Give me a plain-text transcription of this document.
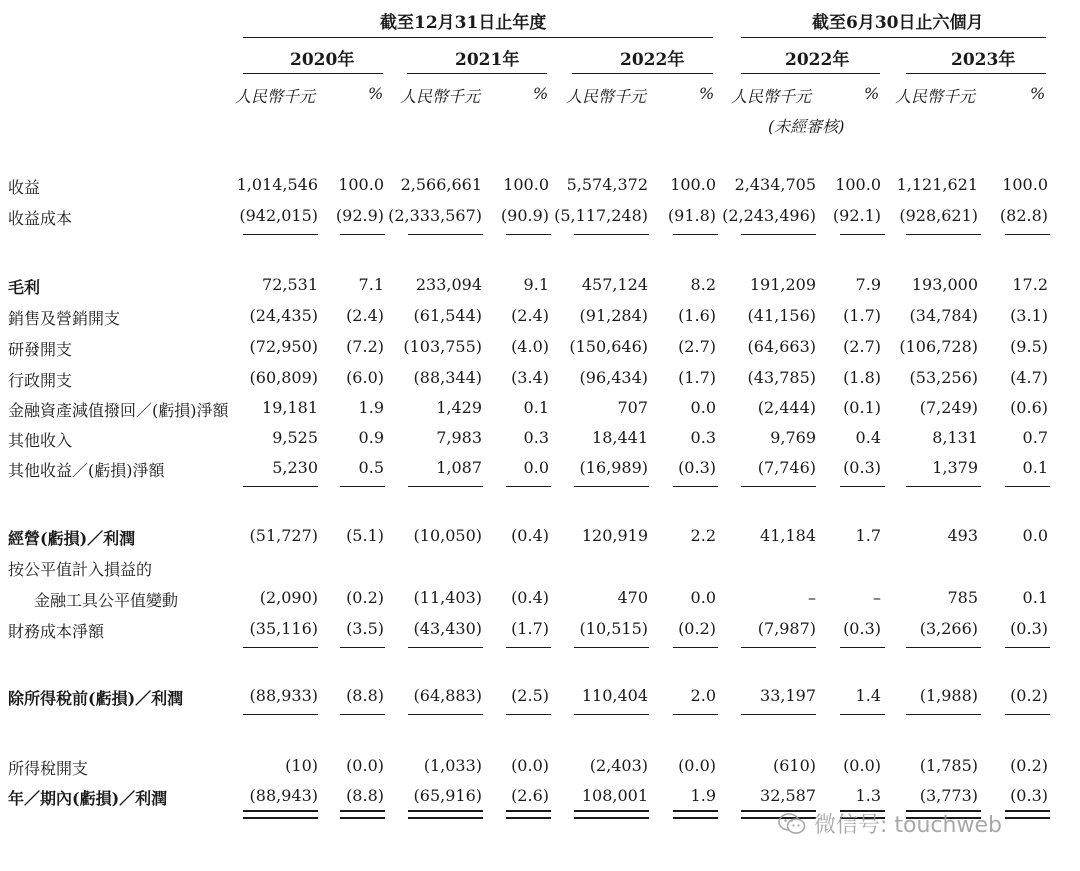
截至12月31日止年度	截至6月30日止六個月
2020年	2021年	2022年	2022年	2023年
人民幣千元	% 人民幣千元	% 人民幣千元	% 人民幣千元	% 人民幣千元	%
(未經審核)
收益	1,014,546 100.0 2,566,661 100.0 5,574,372 100.0 2,434,705 100.0 1,121,621 100.0
收益成本	(942,015) (92.9) (2,333,567) (90.9) (5,117,248) (91.8) (2,243,496) (92.1) (928,621) (82.8)
毛利	72,531	7.1 233,094	9.1 457,124	8.2 191,209 7.9 193,000 17.2
銷售及營銷開支	(24,435) (2.4) (61,544) (2.4) (91,284) (1.6) (41,156) (1.7) (34,784) (3.1)
研發開支	(72,950) (7.2) (103,755) (4.0) (150,646) (2.7) (64,663) (2.7) (106,728) (9.5)
行政開支	(60,809) (6.0) (88,344) (3.4) (96,434) (1.7) (43,785) (1.8) (53,256) (4.7)
金融資產減值撥回／(虧損)淨額 19,181	1.9	1,429	0.1	707	0.0	(2,444) (0.1) (7,249) (0.6)
其他收入	9,525	0.9	7,983	0.3	18,441	0.3	9,769 0.4	8,131	0.7
其他收益／(虧損)淨額	5,230	0.5	1,087	0.0 (16,989) (0.3)	(7,746) (0.3)	1,379	0.1
經營(虧損)／利潤	(51,727) (5.1) (10,050) (0.4) 120,919	2.2	41,184 1.7	493	0.0
按公平值計入損益的
金融工具公平值變動	(2,090) (0.2) (11,403) (0.4)	470	0.0	–	–	785	0.1
財務成本淨額	(35,116) (3.5) (43,430) (1.7) (10,515) (0.2)	(7,987) (0.3) (3,266) (0.3)
除所得稅前(虧損)／利潤	(88,933) (8.8) (64,883) (2.5) 110,404	2.0	33,197 1.4 (1,988) (0.2)
所得稅開支	(10) (0.0) (1,033) (0.0)	(2,403) (0.0)	(610) (0.0) (1,785) (0.2)
年／期內(虧損)／利潤	(88,943) (8.8) (65,916) (2.6) 108,001	1.9	32,587 1.3 (3,773) (0.3)
微信号: touchweb
